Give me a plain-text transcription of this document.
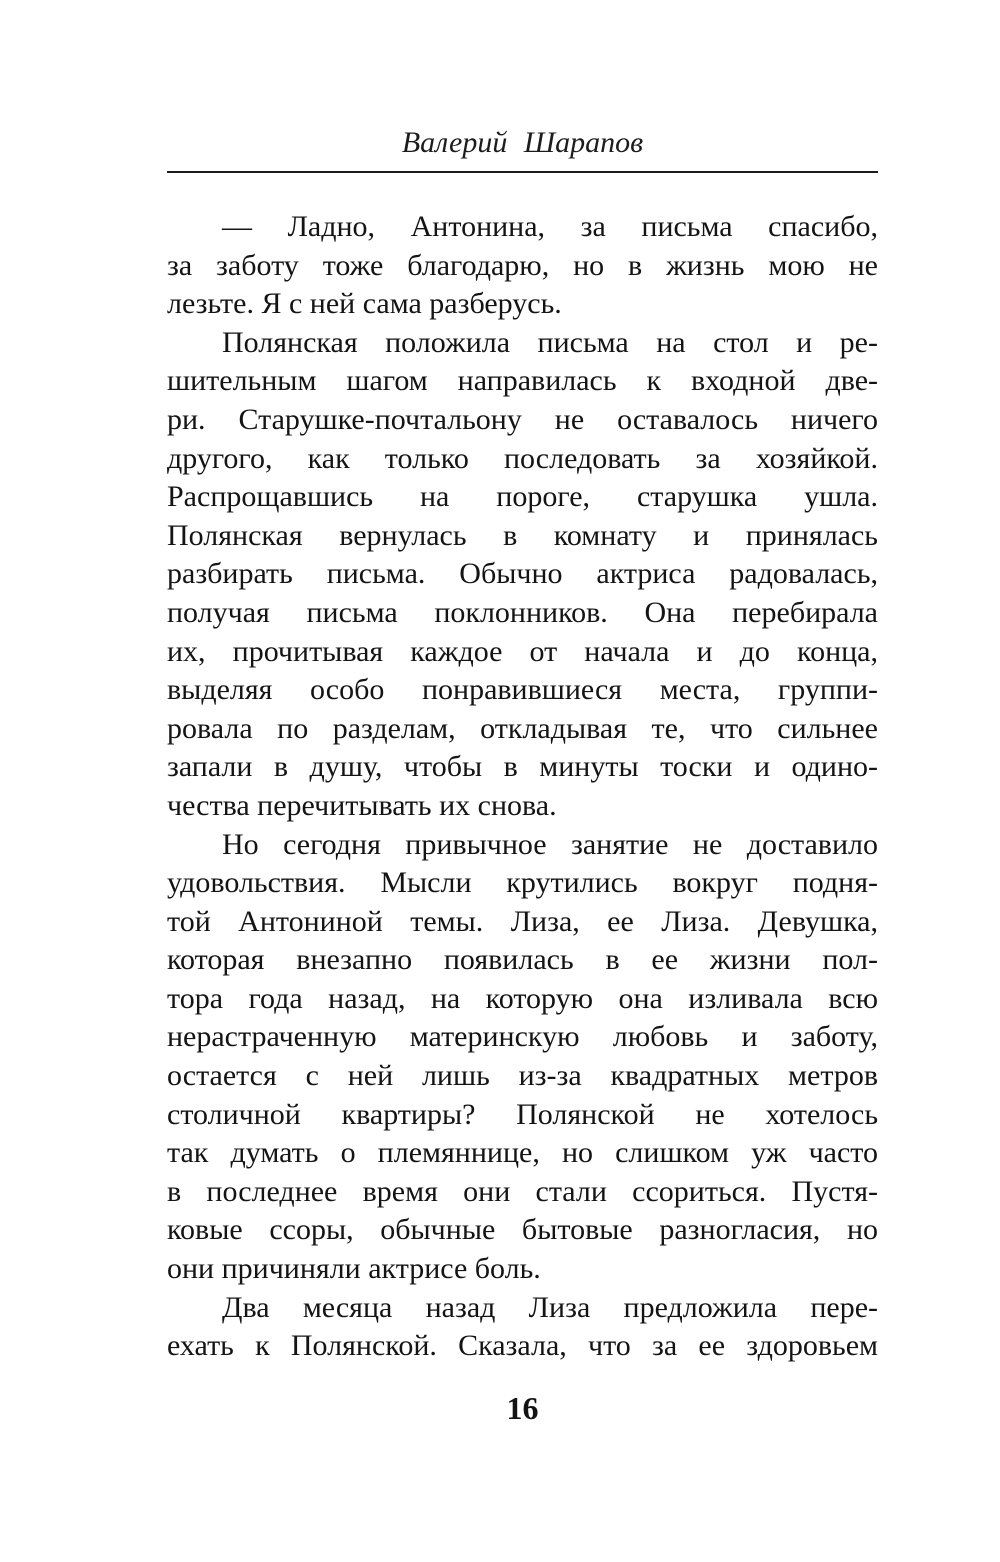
Валерий Шарапов
— Ладно, Антонина, за письма спасибо,
за заботу тоже благодарю, но в жизнь мою не
лезьте. Я с ней сама разберусь.
Полянская положила письма на стол и ре-
шительным шагом направилась к входной две-
ри. Старушке-почтальону не оставалось ничего
другого, как только последовать за хозяйкой.
Распрощавшись на пороге, старушка ушла.
Полянская вернулась в комнату и принялась
разбирать письма. Обычно актриса радовалась,
получая письма поклонников. Она перебирала
их, прочитывая каждое от начала и до конца,
выделяя особо понравившиеся места, группи-
ровала по разделам, откладывая те, что сильнее
запали в душу, чтобы в минуты тоски и одино-
чества перечитывать их снова.
Но сегодня привычное занятие не доставило
удовольствия. Мысли крутились вокруг подня-
той Антониной темы. Лиза, ее Лиза. Девушка,
которая внезапно появилась в ее жизни пол-
тора года назад, на которую она изливала всю
нерастраченную материнскую любовь и заботу,
остается с ней лишь из-за квадратных метров
столичной квартиры? Полянской не хотелось
так думать о племяннице, но слишком уж часто
в последнее время они стали ссориться. Пустя-
ковые ссоры, обычные бытовые разногласия, но
они причиняли актрисе боль.
Два месяца назад Лиза предложила пере-
ехать к Полянской. Сказала, что за ее здоровьем
16
